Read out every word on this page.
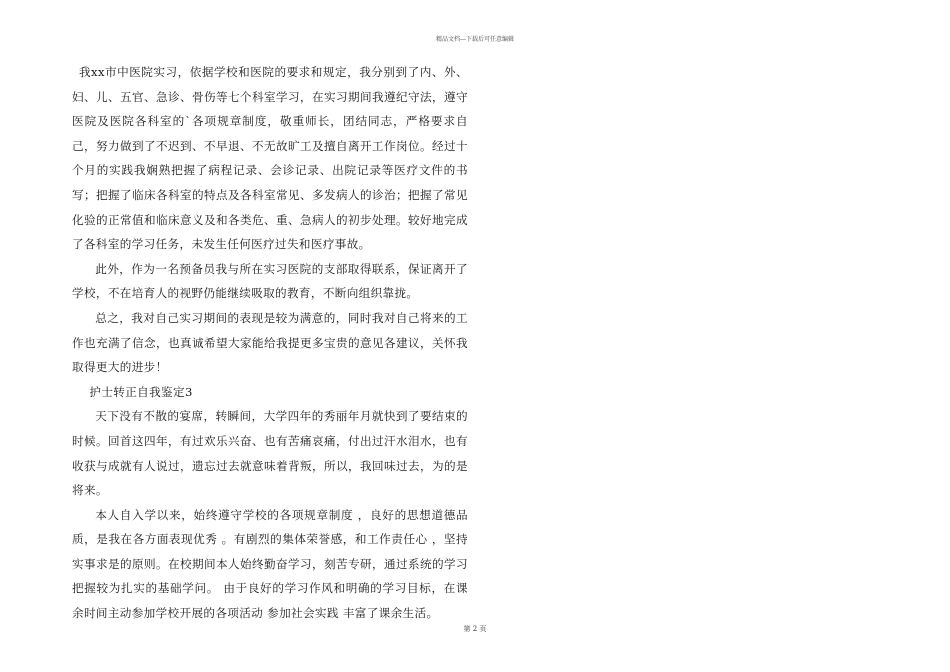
精品文档---下载后可任意编辑

我xx市中医院实习，依据学校和医院的要求和规定，我分别到了内、外、妇、儿、五官、急诊、骨伤等七个科室学习，在实习期间我遵纪守法，遵守医院及医院各科室的`各项规章制度，敬重师长，团结同志，严格要求自己，努力做到了不迟到、不早退、不无故旷工及擅自离开工作岗位。经过十个月的实践我娴熟把握了病程记录、会诊记录、出院记录等医疗文件的书写；把握了临床各科室的特点及各科室常见、多发病人的诊治；把握了常见化验的正常值和临床意义及和各类危、重、急病人的初步处理。较好地完成了各科室的学习任务，未发生任何医疗过失和医疗事故。

此外，作为一名预备员我与所在实习医院的支部取得联系，保证离开了学校，不在培育人的视野仍能继续吸取的教育，不断向组织靠拢。

总之，我对自己实习期间的表现是较为满意的，同时我对自己将来的工作也充满了信念，也真诚希望大家能给我提更多宝贵的意见各建议，关怀我取得更大的进步！

护士转正自我鉴定3

天下没有不散的宴席，转瞬间，大学四年的秀丽年月就快到了要结束的时候。回首这四年，有过欢乐兴奋、也有苦痛哀痛，付出过汗水泪水，也有收获与成就有人说过，遗忘过去就意味着背叛，所以，我回味过去，为的是将来。

本人自入学以来，始终遵守学校的各项规章制度 ，良好的思想道德品质，是我在各方面表现优秀 。有剧烈的集体荣誉感，和工作责任心 ，坚持实事求是的原则。在校期间本人始终勤奋学习，刻苦专研，通过系统的学习把握较为扎实的基础学问。 由于良好的学习作风和明确的学习目标，在课余时间主动参加学校开展的各项活动 参加社会实践 丰富了课余生活。

第 2 页
